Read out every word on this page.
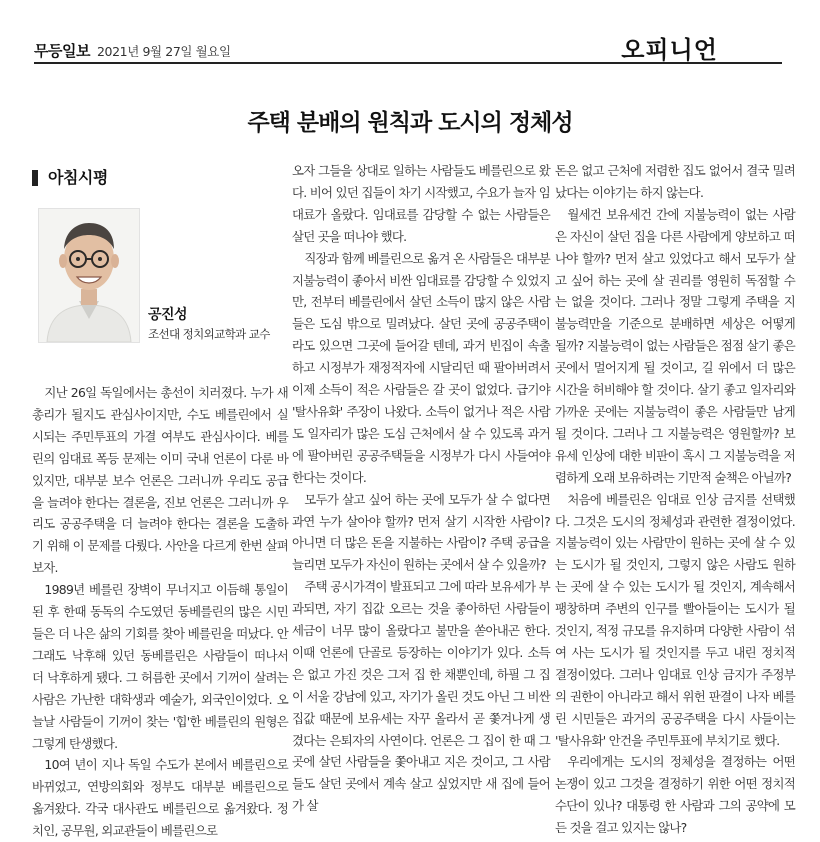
무등일보 2021년 9월 27일 월요일	오피니언
주택 분배의 원칙과 도시의 정체성
아침시평
공진성
조선대 정치외교학과 교수

지난 26일 독일에서는 총선이 치러졌다. 누가 새 총리가 될지도 관심사이지만, 수도 베를린에서 실시되는 주민투표의 가결 여부도 관심사이다. 베를린의 임대료 폭등 문제는 이미 국내 언론이 다룬 바 있지만, 대부분 보수 언론은 그러니까 우리도 공급을 늘려야 한다는 결론을, 진보 언론은 그러니까 우리도 공공주택을 더 늘려야 한다는 결론을 도출하기 위해 이 문제를 다뤘다. 사안을 다르게 한번 살펴보자.

1989년 베를린 장벽이 무너지고 이듬해 통일이 된 후 한때 동독의 수도였던 동베를린의 많은 시민들은 더 나은 삶의 기회를 찾아 베를린을 떠났다. 안 그래도 낙후해 있던 동베를린은 사람들이 떠나서 더 낙후하게 됐다. 그 허름한 곳에서 기꺼이 살려는 사람은 가난한 대학생과 예술가, 외국인이었다. 오늘날 사람들이 기꺼이 찾는 '힙'한 베를린의 원형은 그렇게 탄생했다.

10여 년이 지나 독일 수도가 본에서 베를린으로 바뀌었고, 연방의회와 정부도 대부분 베를린으로 옮겨왔다. 각국 대사관도 베를린으로 옮겨왔다. 정치인, 공무원, 외교관들이 베를린으로

오자 그들을 상대로 일하는 사람들도 베를린으로 왔다. 비어 있던 집들이 차기 시작했고, 수요가 늘자 임대료가 올랐다. 임대료를 감당할 수 없는 사람들은 살던 곳을 떠나야 했다.

직장과 함께 베를린으로 옮겨 온 사람들은 대부분 지불능력이 좋아서 비싼 임대료를 감당할 수 있었지만, 전부터 베를린에서 살던 소득이 많지 않은 사람들은 도심 밖으로 밀려났다. 살던 곳에 공공주택이라도 있으면 그곳에 들어갈 텐데, 과거 빈집이 속출하고 시정부가 재정적자에 시달리던 때 팔아버려서 이제 소득이 적은 사람들은 갈 곳이 없었다. 급기야 '탈사유화' 주장이 나왔다. 소득이 없거나 적은 사람도 일자리가 많은 도심 근처에서 살 수 있도록 과거에 팔아버린 공공주택들을 시정부가 다시 사들여야 한다는 것이다.

모두가 살고 싶어 하는 곳에 모두가 살 수 없다면 과연 누가 살아야 할까? 먼저 살기 시작한 사람이? 아니면 더 많은 돈을 지불하는 사람이? 주택 공급을 늘리면 모두가 자신이 원하는 곳에서 살 수 있을까?

주택 공시가격이 발표되고 그에 따라 보유세가 부과되면, 자기 집값 오르는 것을 좋아하던 사람들이 세금이 너무 많이 올랐다고 불만을 쏟아내곤 한다. 이때 언론에 단골로 등장하는 이야기가 있다. 소득은 없고 가진 것은 그저 집 한 채뿐인데, 하필 그 집이 서울 강남에 있고, 자기가 올린 것도 아닌 그 비싼 집값 때문에 보유세는 자꾸 올라서 곧 쫓겨나게 생겼다는 은퇴자의 사연이다. 언론은 그 집이 한 때 그곳에 살던 사람들을 쫓아내고 지은 것이고, 그 사람들도 살던 곳에서 계속 살고 싶었지만 새 집에 들어가 살

돈은 없고 근처에 저렴한 집도 없어서 결국 밀려났다는 이야기는 하지 않는다.

월세건 보유세건 간에 지불능력이 없는 사람은 자신이 살던 집을 다른 사람에게 양보하고 떠나야 할까? 먼저 살고 있었다고 해서 모두가 살고 싶어 하는 곳에 살 권리를 영원히 독점할 수는 없을 것이다. 그러나 정말 그렇게 주택을 지불능력만을 기준으로 분배하면 세상은 어떻게 될까? 지불능력이 없는 사람들은 점점 살기 좋은 곳에서 멀어지게 될 것이고, 길 위에서 더 많은 시간을 허비해야 할 것이다. 살기 좋고 일자리와 가까운 곳에는 지불능력이 좋은 사람들만 남게 될 것이다. 그러나 그 지불능력은 영원할까? 보유세 인상에 대한 비판이 혹시 그 지불능력을 저렴하게 오래 보유하려는 기만적 술책은 아닐까?

처음에 베를린은 임대료 인상 금지를 선택했다. 그것은 도시의 정체성과 관련한 결정이었다. 지불능력이 있는 사람만이 원하는 곳에 살 수 있는 도시가 될 것인지, 그렇지 않은 사람도 원하는 곳에 살 수 있는 도시가 될 것인지, 계속해서 팽창하며 주변의 인구를 빨아들이는 도시가 될 것인지, 적정 규모를 유지하며 다양한 사람이 섞여 사는 도시가 될 것인지를 두고 내린 정치적 결정이었다. 그러나 임대료 인상 금지가 주정부의 권한이 아니라고 해서 위헌 판결이 나자 베를린 시민들은 과거의 공공주택을 다시 사들이는 '탈사유화' 안건을 주민투표에 부치기로 했다.

우리에게는 도시의 정체성을 결정하는 어떤 논쟁이 있고 그것을 결정하기 위한 어떤 정치적 수단이 있나? 대통령 한 사람과 그의 공약에 모든 것을 걸고 있지는 않나?
